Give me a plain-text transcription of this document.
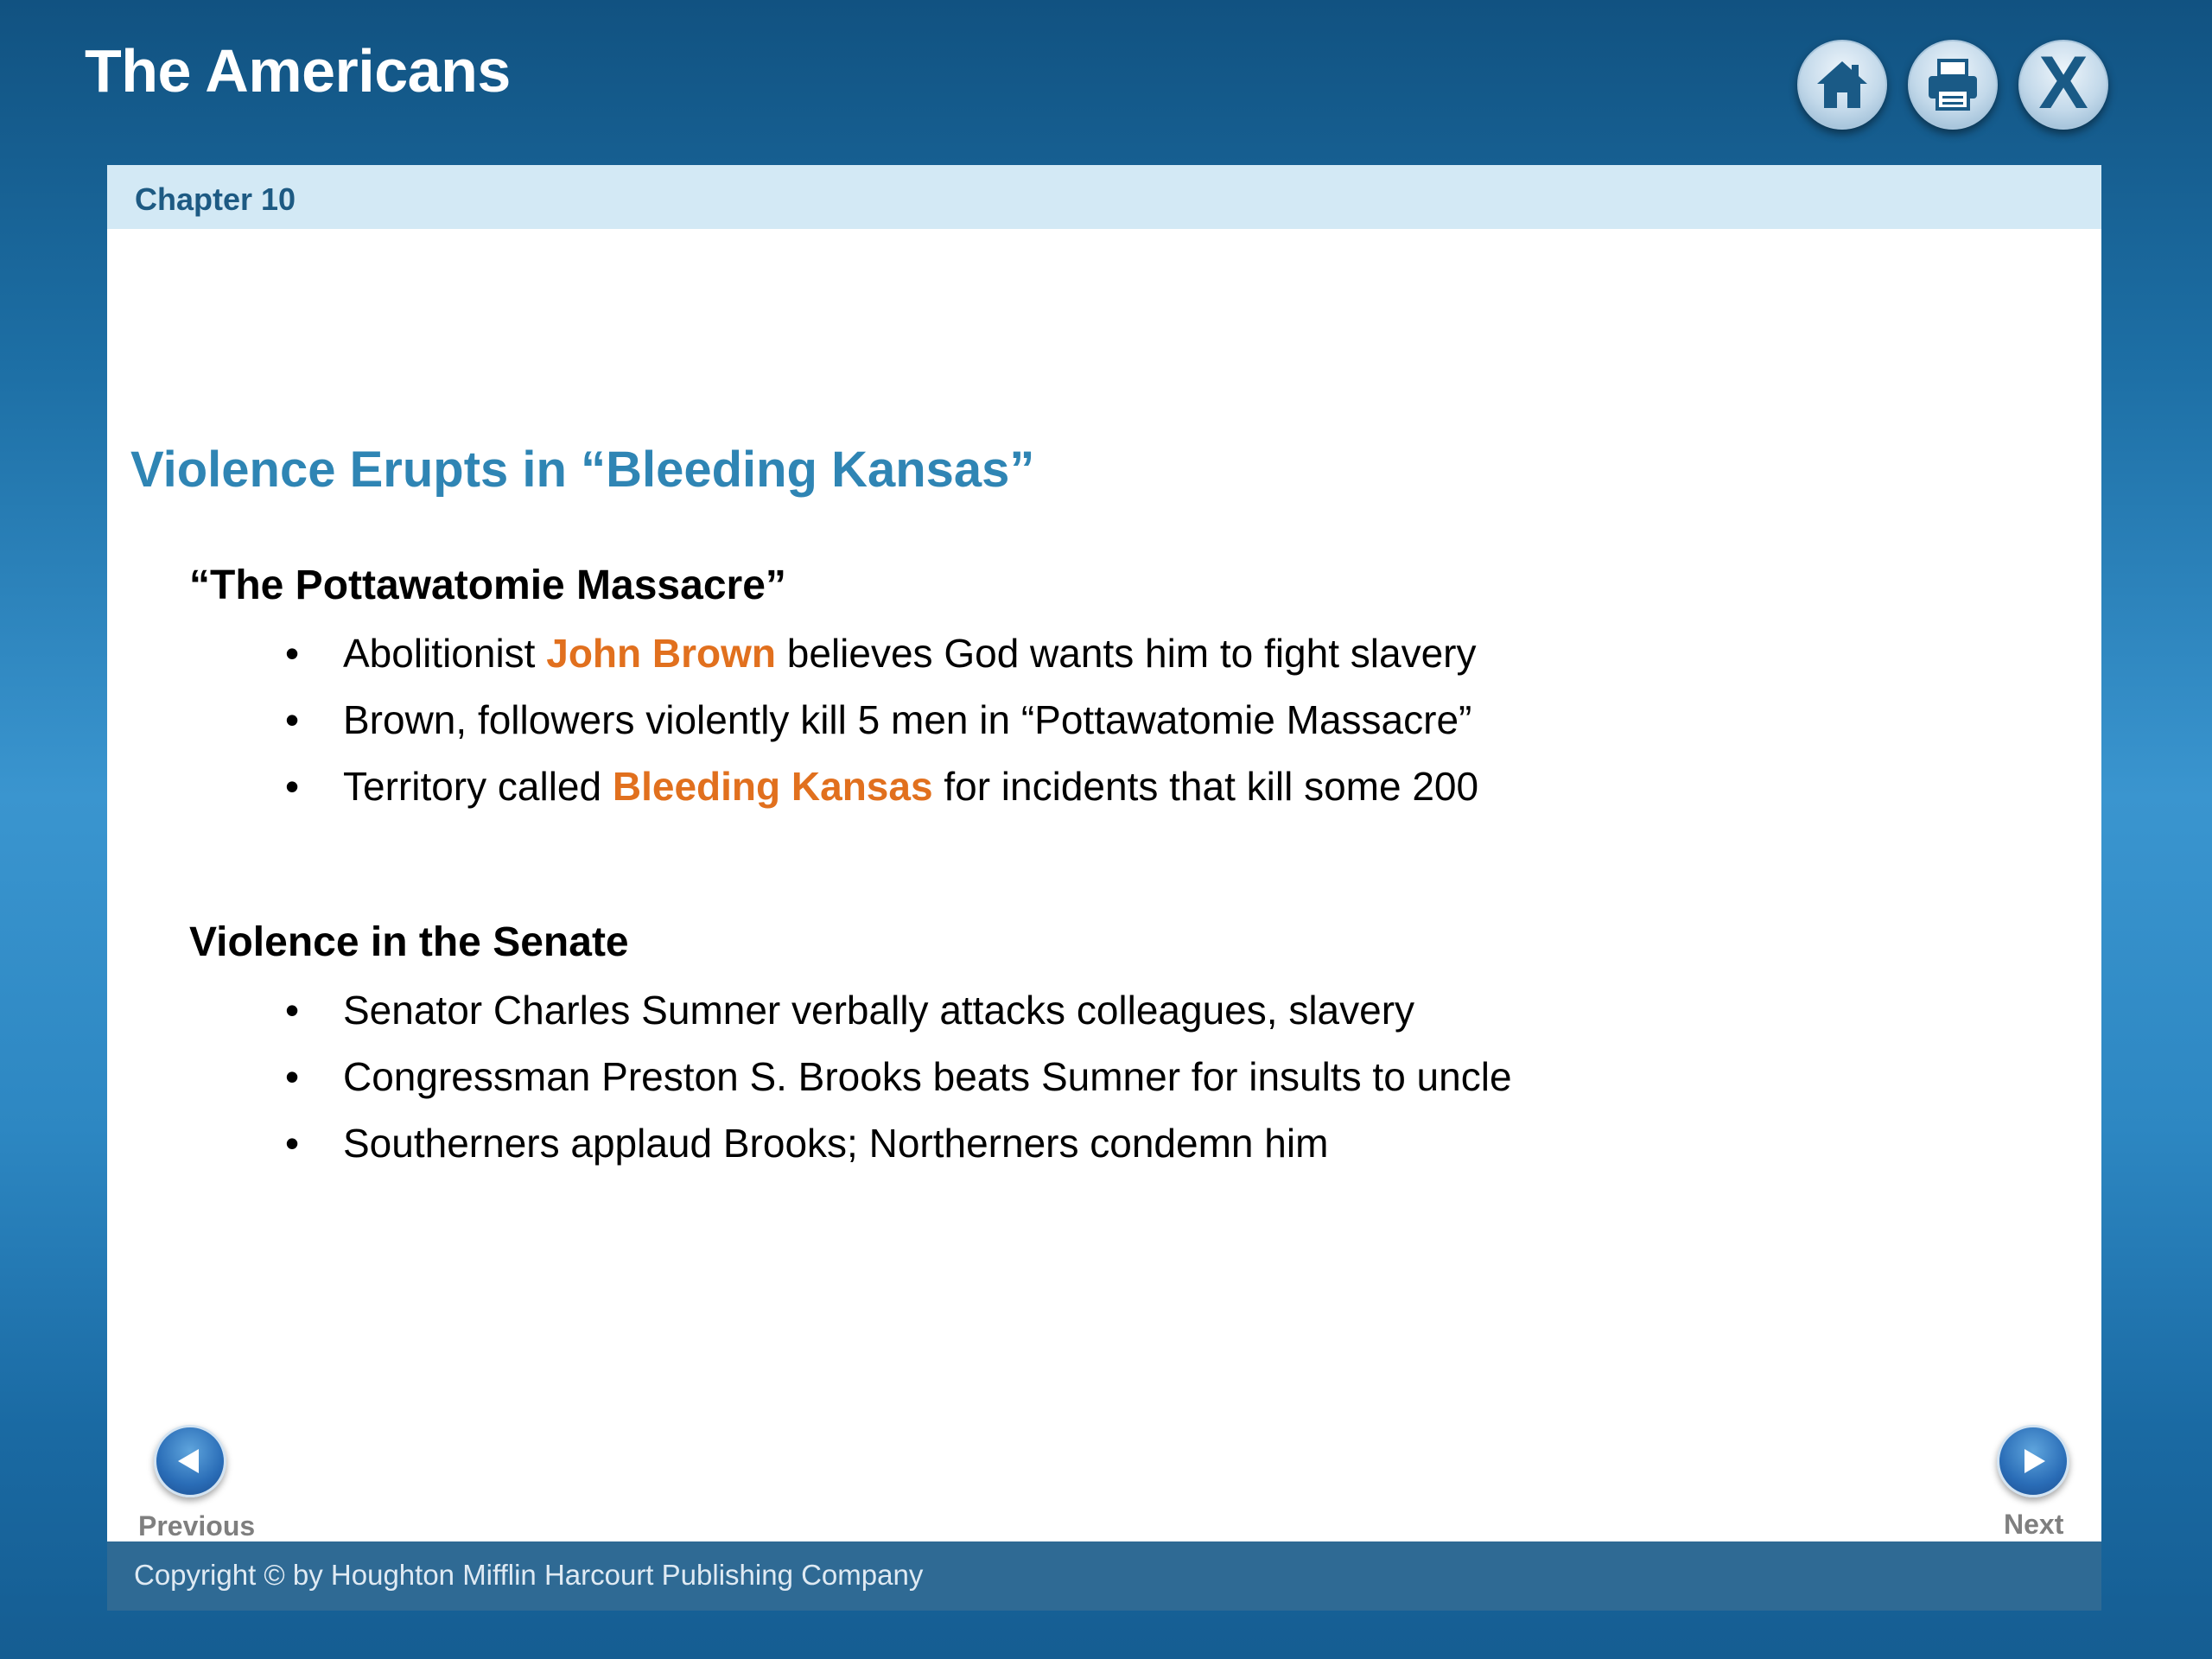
The Americans	X
Chapter 10
Violence Erupts in “Bleeding Kansas”
“The Pottawatomie Massacre”
• Abolitionist John Brown believes God wants him to fight slavery
• Brown, followers violently kill 5 men in “Pottawatomie Massacre”
• Territory called Bleeding Kansas for incidents that kill some 200
Violence in the Senate
• Senator Charles Sumner verbally attacks colleagues, slavery
• Congressman Preston S. Brooks beats Sumner for insults to uncle
• Southerners applaud Brooks; Northerners condemn him
Previous	Next
Copyright © by Houghton Mifflin Harcourt Publishing Company
